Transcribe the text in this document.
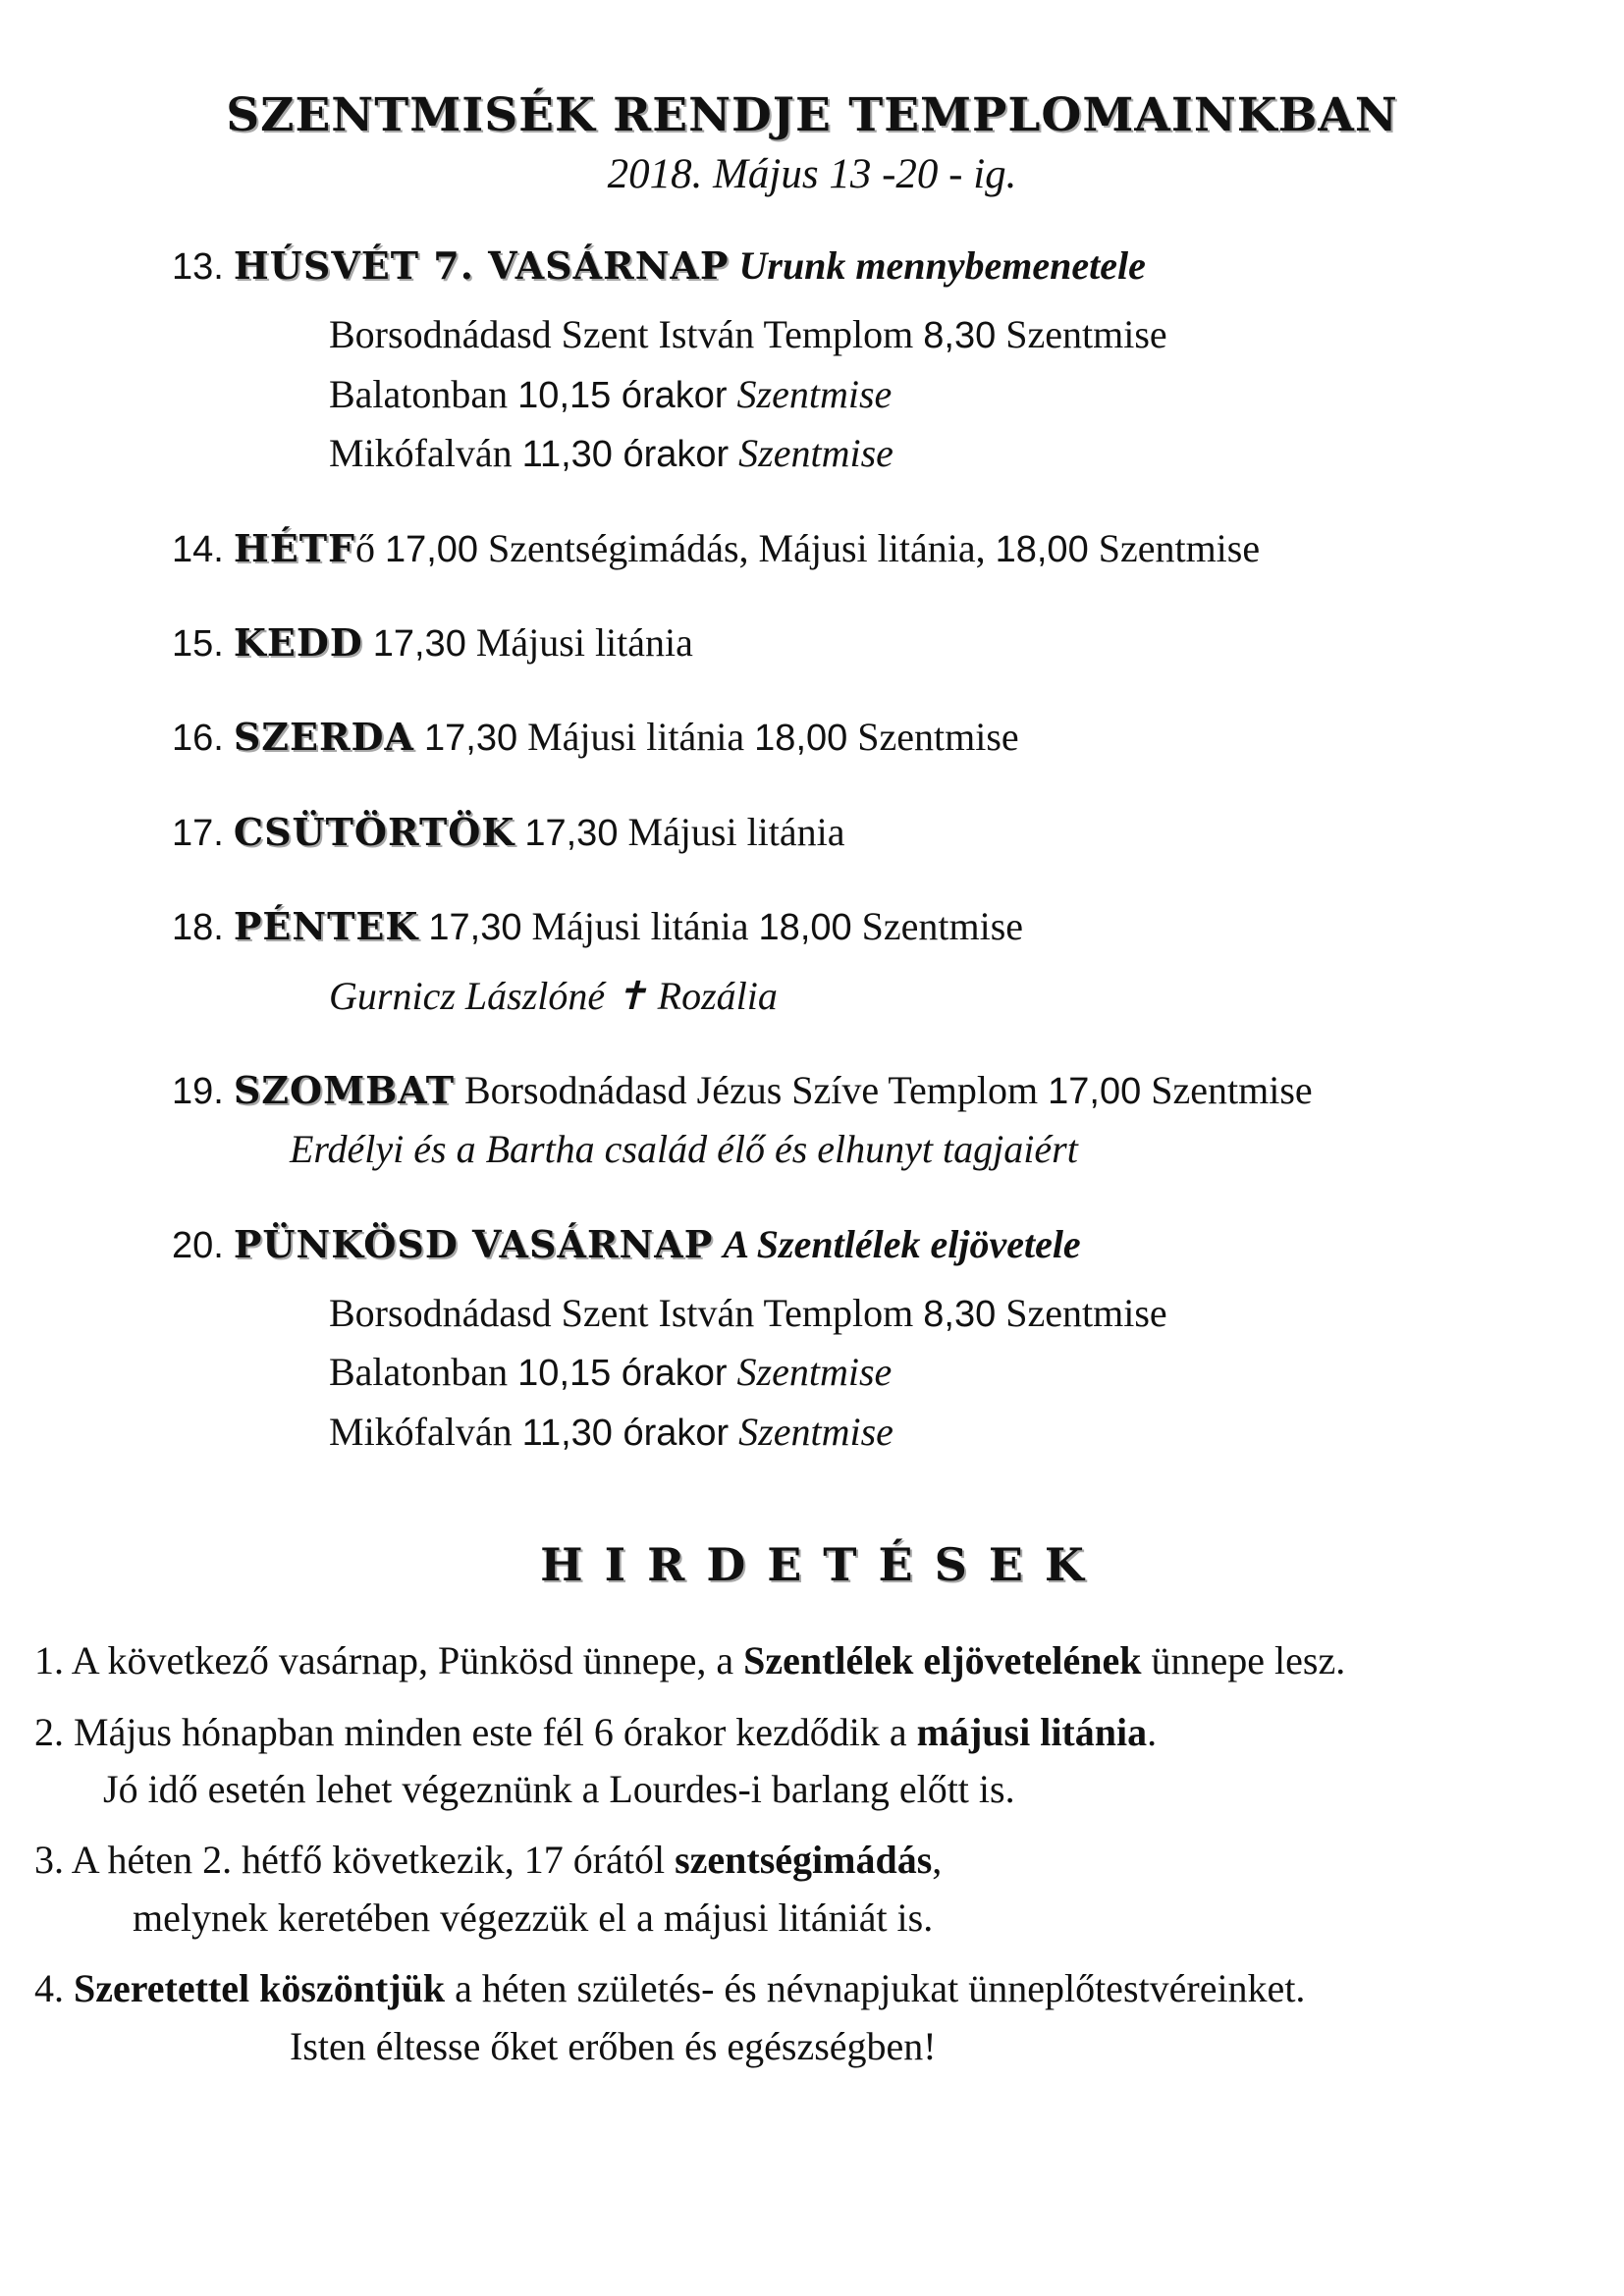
SZENTMISÉK RENDJE TEMPLOMAINKBAN
2018. Május 13 -20 - ig.
13. HÚSVÉT 7. VASÁRNAP Urunk mennybemenetele
Borsodnádasd Szent István Templom 8,30 Szentmise
Balatonban 10,15 órakor Szentmise
Mikófalván 11,30 órakor Szentmise
14. HÉTFő 17,00 Szentségimádás, Májusi litánia, 18,00 Szentmise
15. KEDD 17,30 Májusi litánia
16. SZERDA 17,30 Májusi litánia 18,00 Szentmise
17. CSÜTÖRTÖK 17,30 Májusi litánia
18. PÉNTEK 17,30 Májusi litánia 18,00 Szentmise
Gurnicz Lászlóné ✝ Rozália
19. SZOMBAT Borsodnádasd Jézus Szíve Templom 17,00 Szentmise
Erdélyi és a Bartha család élő és elhunyt tagjaiért
20. PÜNKÖSD VASÁRNAP A Szentlélek eljövetele
Borsodnádasd Szent István Templom 8,30 Szentmise
Balatonban 10,15 órakor Szentmise
Mikófalván 11,30 órakor Szentmise
HIRDETÉSEK
1. A következő vasárnap, Pünkösd ünnepe, a Szentlélek eljövetelének ünnepe lesz.
2. Május hónapban minden este fél 6 órakor kezdődik a májusi litánia.
Jó idő esetén lehet végeznünk a Lourdes-i barlang előtt is.
3. A héten 2. hétfő következik, 17 órától szentségimádás,
melynek keretében végezzük el a májusi litániát is.
4. Szeretettel köszöntjük a héten születés- és névnapjukat ünneplőtestvéreinket.
Isten éltesse őket erőben és egészségben!
